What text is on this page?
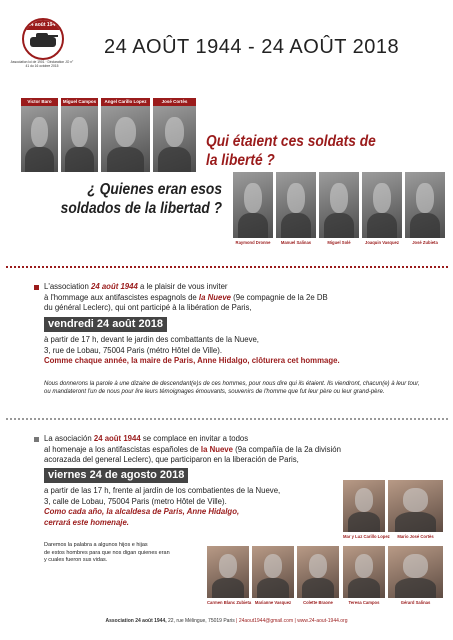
24 août 1944
Association loi de 1901 · Déclaration JO n° 41 du 16 octobre 2015
24 AOÛT 1944 - 24 AOÛT 2018
Victor Baro	Miguel Campos	Angel Carillo Lopez	José Cortès
Qui étaient ces soldats de la liberté ?
¿ Quienes eran esos soldados de la libertad ?
Raymond Dronne	Manuel Salinas	Miguel Solé	Joaquin Vasquez	José Zubieta
L'association 24 août 1944 a le plaisir de vous inviter
à l'hommage aux antifascistes espagnols de la Nueve (9e compagnie de la 2e DB
du général Leclerc), qui ont participé à la libération de Paris,
vendredi 24 août 2018
à partir de 17 h, devant le jardin des combattants de la Nueve,
3, rue de Lobau, 75004 Paris (métro Hôtel de Ville).
Comme chaque année, la maire de Paris, Anne Hidalgo, clôturera cet hommage.
Nous donnerons la parole à une dizaine de descendant(e)s de ces hommes, pour nous dire qui ils étaient. Ils viendront, chacun(e) à leur tour,
ou mandateront l'un de nous pour lire leurs témoignages émouvants, souvenirs de l'homme que fut leur père ou leur grand-père.
La asociación 24 août 1944 se complace en invitar a todos
al homenaje a los antifascistas españoles de la Nueve (9a compañía de la 2a división
acorazada del general Leclerc), que participaron en la liberación de Paris,
viernes 24 de agosto 2018
a partir de las 17 h, frente al jardín de los combatientes de la Nueve,
3, calle de Lobau, 75004 Paris (metro Hôtel de Ville).
Como cada año, la alcaldesa de Paris, Anne Hidalgo,
cerrará este homenaje.
Daremos la palabra a algunos hijos e hijas
de estos hombres para que nos digan quienes eran
y cuales fueron sus vidas.
Mar y Luz Carillo Lopez	Mario José Cortès
Carmen Blanc Zubieta Marianne Vasquez	Colette Braone	Teresa Campos	Gérard Salinas
Association 24 août 1944, 22, rue Mélingue, 75019 Paris | 24aout1944@gmail.com | www.24-aout-1944.org
